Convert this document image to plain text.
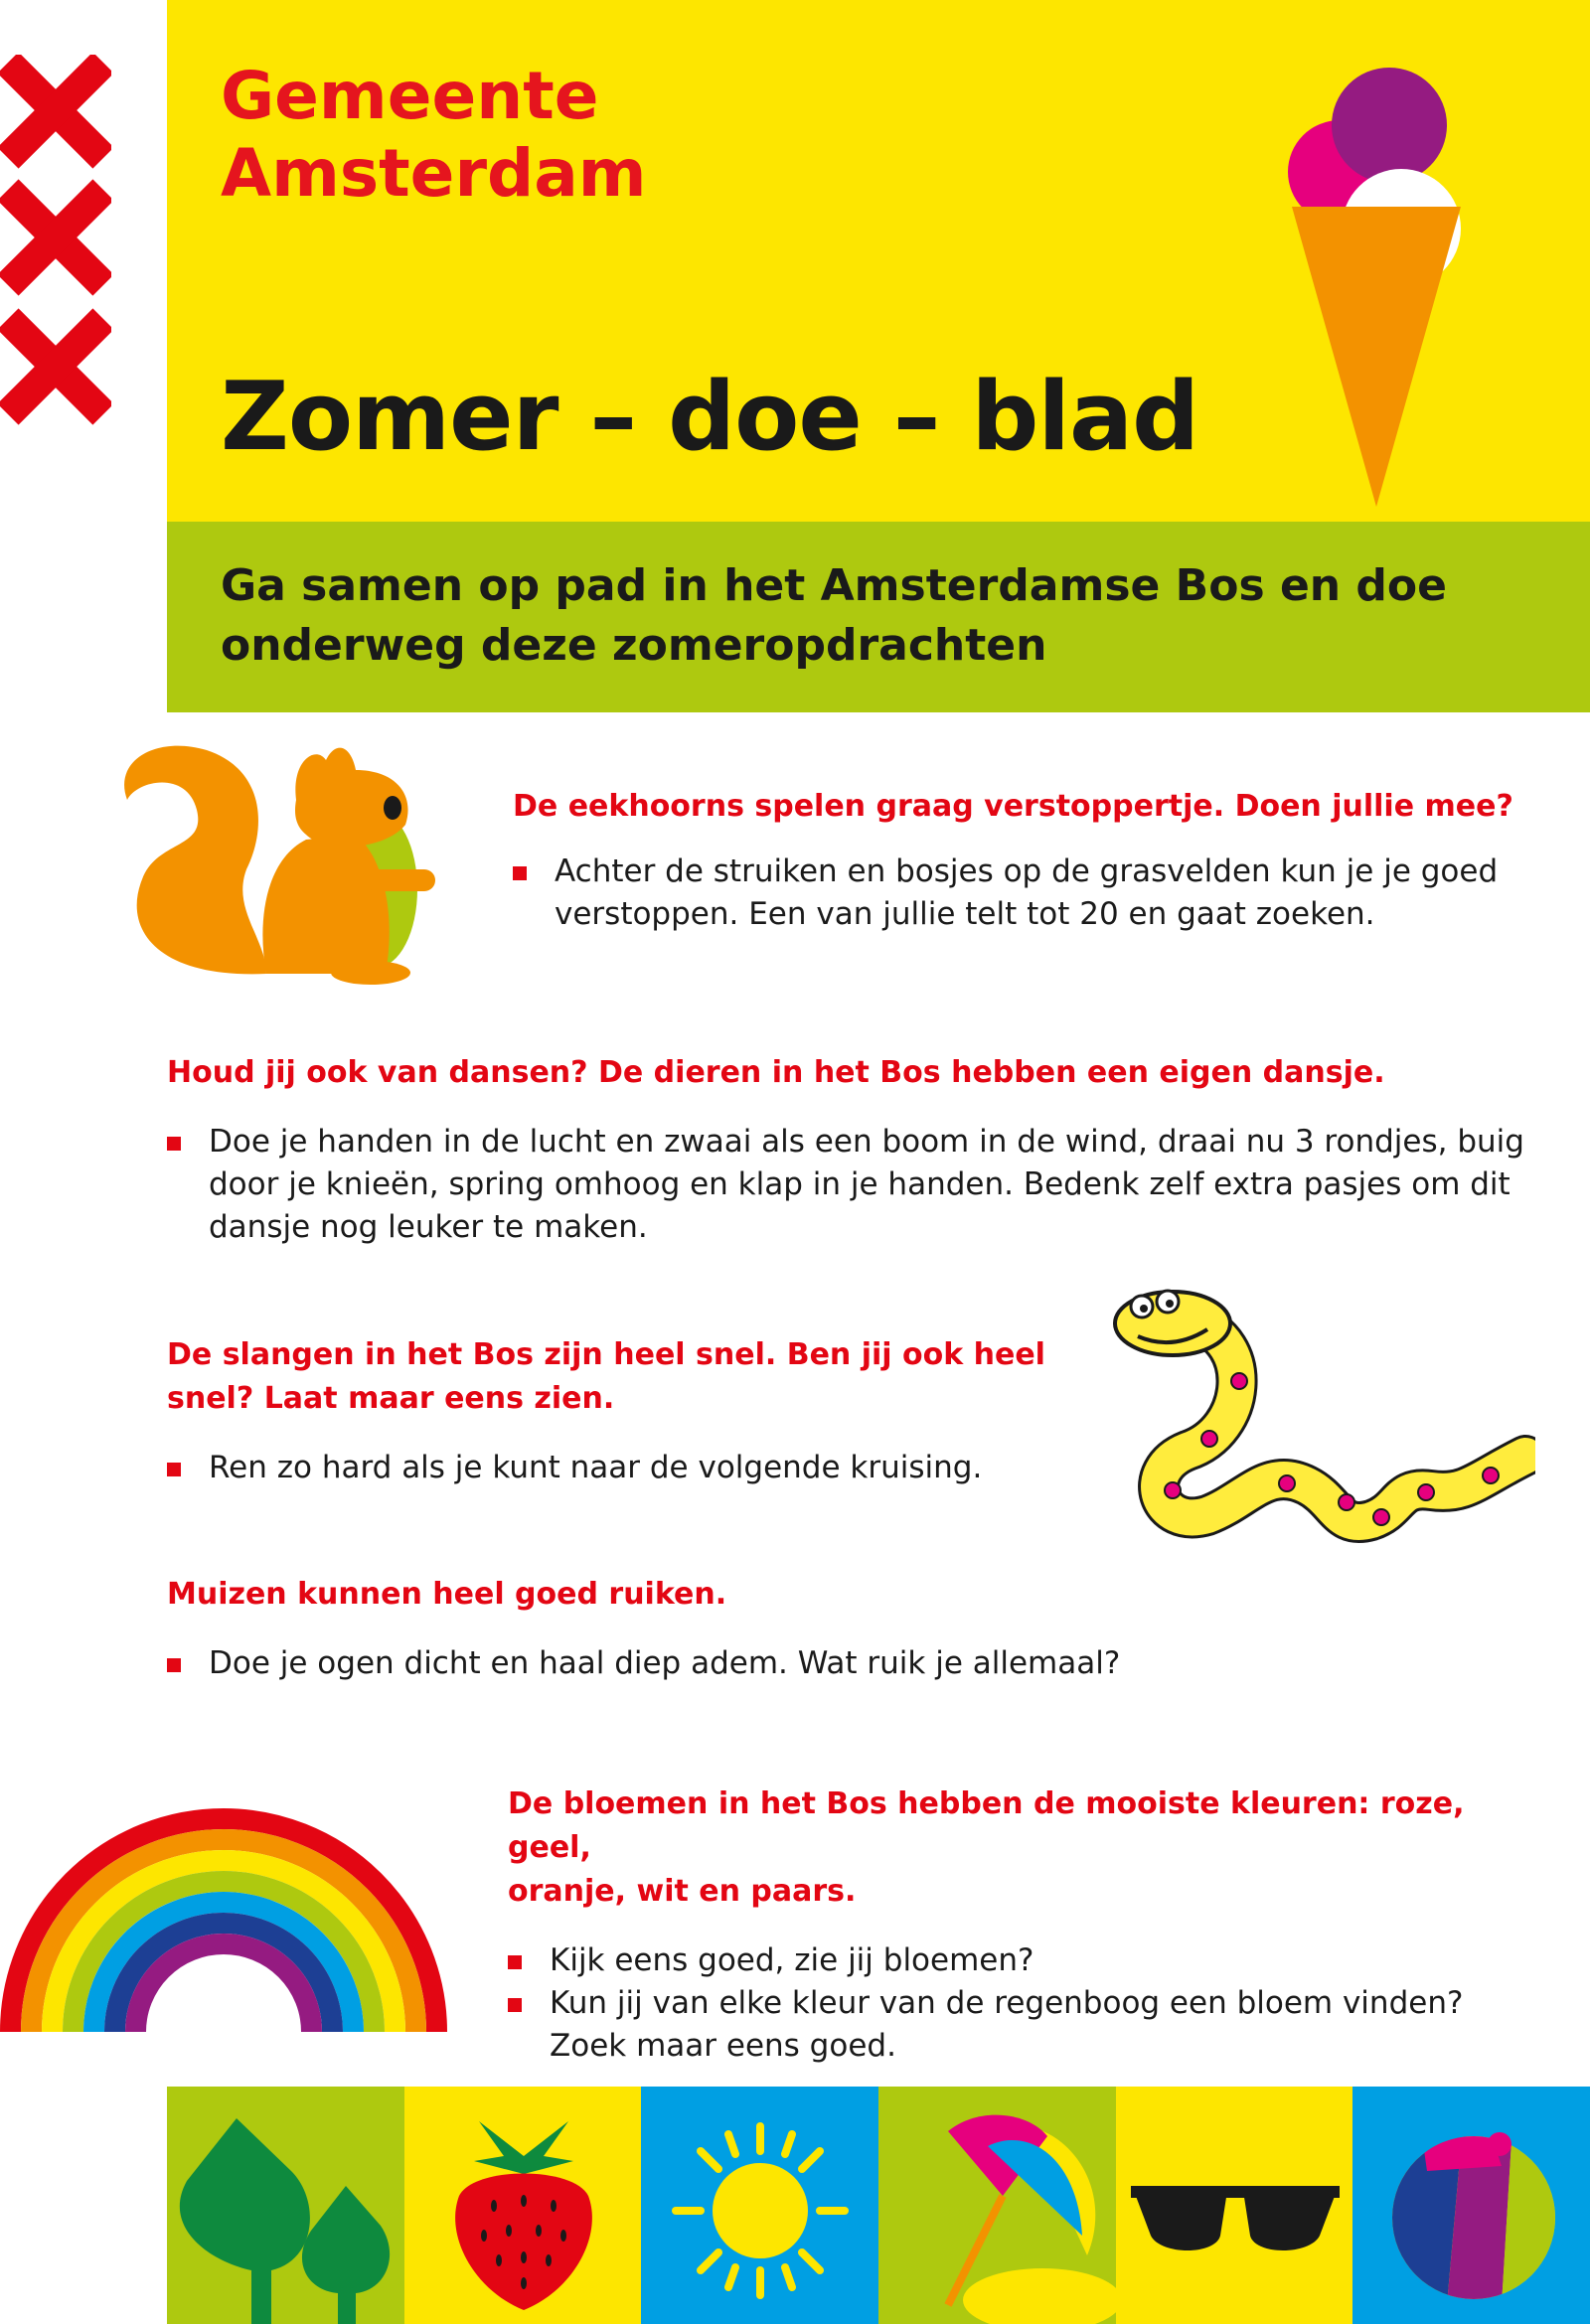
Gemeente
Amsterdam
Zomer – doe – blad
Ga samen op pad in het Amsterdamse Bos en doe
onderweg deze zomeropdrachten

De eekhoorns spelen graag verstoppertje. Doen jullie mee?

Achter de struiken en bosjes op de grasvelden kun je je goed
verstoppen. Een van jullie telt tot 20 en gaat zoeken.

Houd jij ook van dansen? De dieren in het Bos hebben een eigen dansje.

Doe je handen in de lucht en zwaai als een boom in de wind, draai nu 3 rondjes, buig
door je knieën, spring omhoog en klap in je handen. Bedenk zelf extra pasjes om dit
dansje nog leuker te maken.

De slangen in het Bos zijn heel snel. Ben jij ook heel
snel? Laat maar eens zien.

Ren zo hard als je kunt naar de volgende kruising.

Muizen kunnen heel goed ruiken.

Doe je ogen dicht en haal diep adem. Wat ruik je allemaal?

De bloemen in het Bos hebben de mooiste kleuren: roze, geel,
oranje, wit en paars.

Kijk eens goed, zie jij bloemen?
Kun jij van elke kleur van de regenboog een bloem vinden?
Zoek maar eens goed.
